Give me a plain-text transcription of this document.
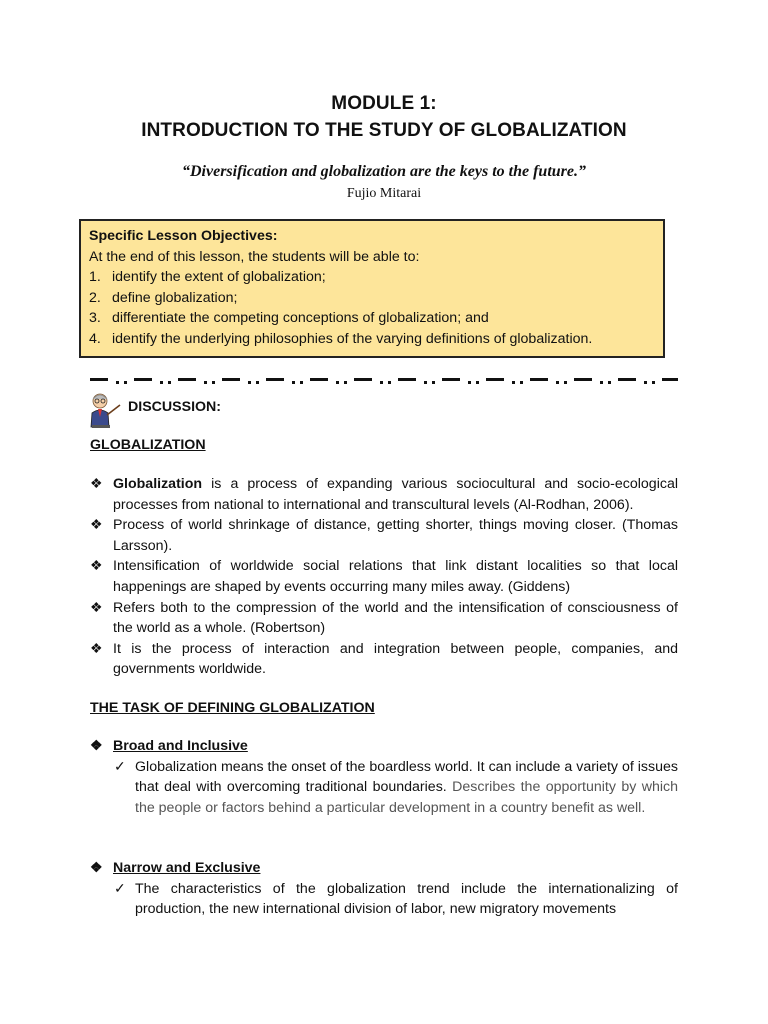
MODULE 1:
INTRODUCTION TO THE STUDY OF GLOBALIZATION
“Diversification and globalization are the keys to the future.”
Fujio Mitarai
Specific Lesson Objectives:
At the end of this lesson, the students will be able to:
1. identify the extent of globalization;
2. define globalization;
3. differentiate the competing conceptions of globalization; and
4. identify the underlying philosophies of the varying definitions of globalization.
DISCUSSION:
GLOBALIZATION
❖ Globalization is a process of expanding various sociocultural and socio-ecological processes from national to international and transcultural levels (Al-Rodhan, 2006).
❖ Process of world shrinkage of distance, getting shorter, things moving closer. (Thomas Larsson).
❖ Intensification of worldwide social relations that link distant localities so that local happenings are shaped by events occurring many miles away. (Giddens)
❖ Refers both to the compression of the world and the intensification of consciousness of the world as a whole. (Robertson)
❖ It is the process of interaction and integration between people, companies, and governments worldwide.
THE TASK OF DEFINING GLOBALIZATION
❖ Broad and Inclusive
✓ Globalization means the onset of the boardless world. It can include a variety of issues that deal with overcoming traditional boundaries. Describes the opportunity by which the people or factors behind a particular development in a country benefit as well.
❖ Narrow and Exclusive
✓ The characteristics of the globalization trend include the internationalizing of production, the new international division of labor, new migratory movements
